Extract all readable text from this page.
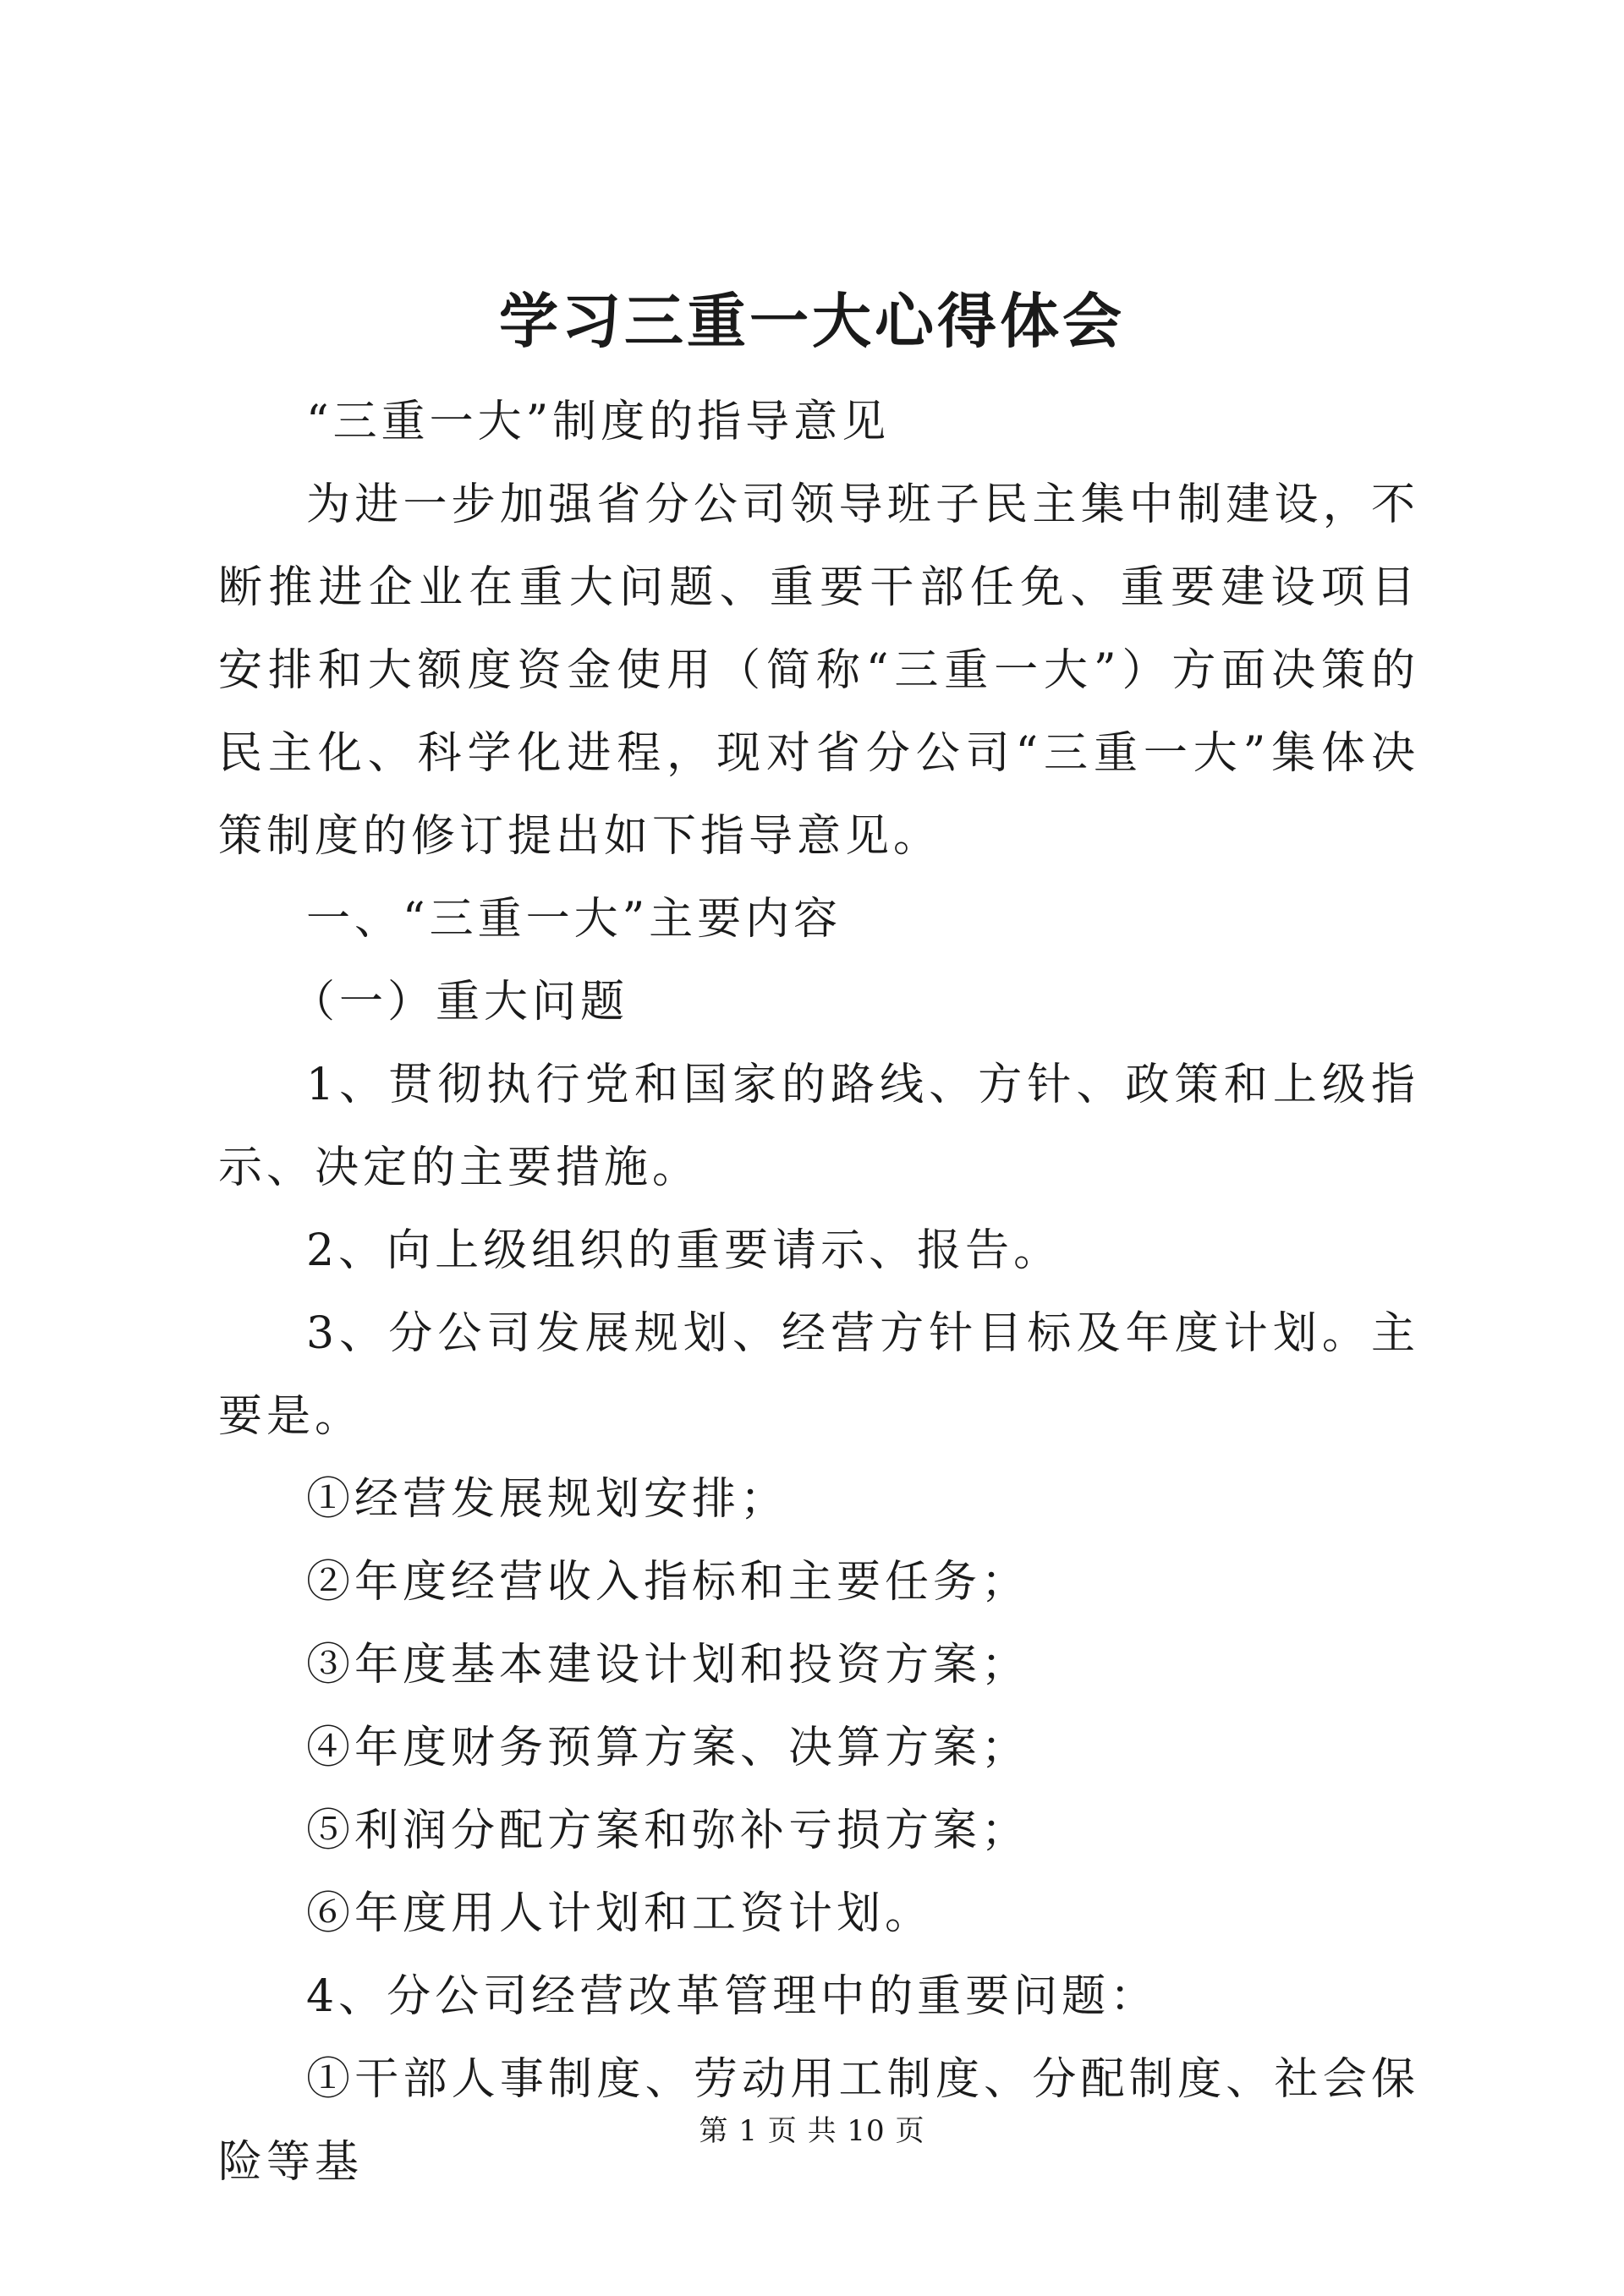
学习三重一大心得体会

“三重一大”制度的指导意见

为进一步加强省分公司领导班子民主集中制建设，不断推进企业在重大问题、重要干部任免、重要建设项目安排和大额度资金使用（简称“三重一大”）方面决策的民主化、科学化进程，现对省分公司“三重一大”集体决策制度的修订提出如下指导意见。

一、“三重一大”主要内容

（一）重大问题

1、贯彻执行党和国家的路线、方针、政策和上级指示、决定的主要措施。

2、向上级组织的重要请示、报告。

3、分公司发展规划、经营方针目标及年度计划。主要是。

①经营发展规划安排；

②年度经营收入指标和主要任务；

③年度基本建设计划和投资方案；

④年度财务预算方案、决算方案；

⑤利润分配方案和弥补亏损方案；

⑥年度用人计划和工资计划。

4、分公司经营改革管理中的重要问题：

①干部人事制度、劳动用工制度、分配制度、社会保险等基

第 1 页 共 10 页
